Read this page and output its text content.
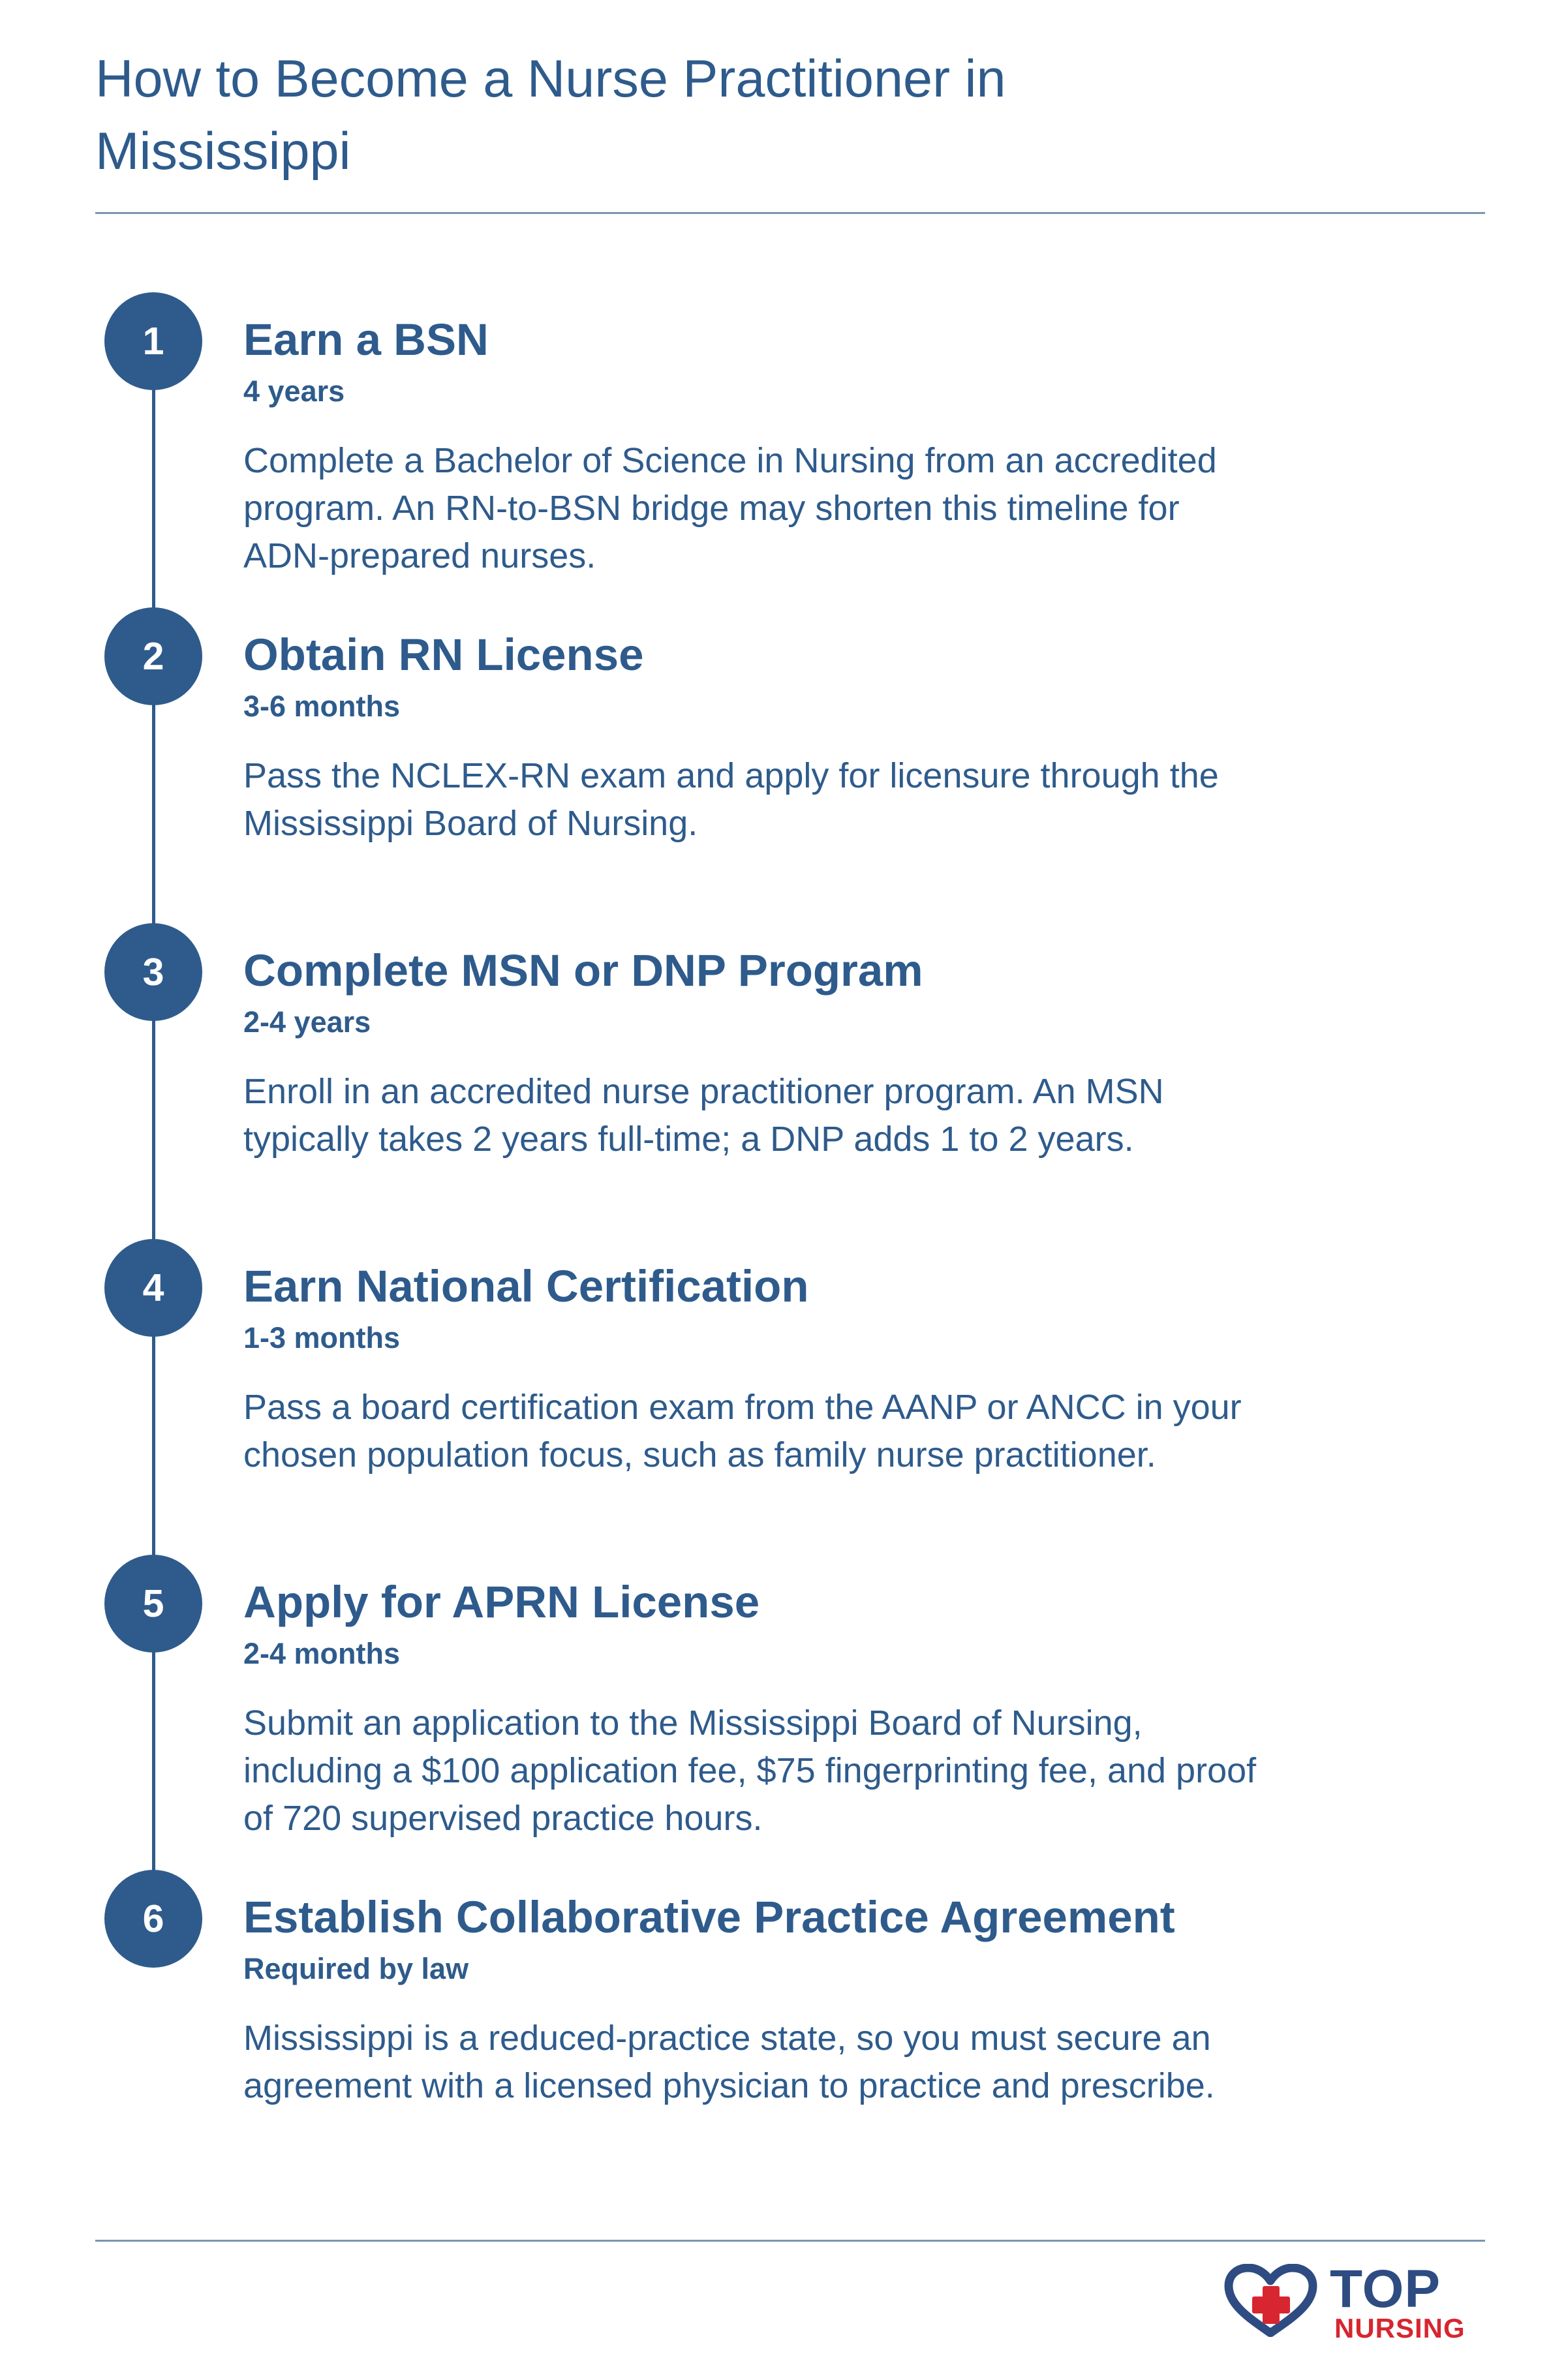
How to Become a Nurse Practitioner in Mississippi
1	Earn a BSN
4 years
Complete a Bachelor of Science in Nursing from an accredited program. An RN-to-BSN bridge may shorten this timeline for ADN-prepared nurses.
2	Obtain RN License
3-6 months
Pass the NCLEX-RN exam and apply for licensure through the Mississippi Board of Nursing.
3	Complete MSN or DNP Program
2-4 years
Enroll in an accredited nurse practitioner program. An MSN typically takes 2 years full-time; a DNP adds 1 to 2 years.
4	Earn National Certification
1-3 months
Pass a board certification exam from the AANP or ANCC in your chosen population focus, such as family nurse practitioner.
5	Apply for APRN License
2-4 months
Submit an application to the Mississippi Board of Nursing, including a $100 application fee, $75 fingerprinting fee, and proof of 720 supervised practice hours.
6	Establish Collaborative Practice Agreement
Required by law
Mississippi is a reduced-practice state, so you must secure an agreement with a licensed physician to practice and prescribe.
TOP
NURSING
